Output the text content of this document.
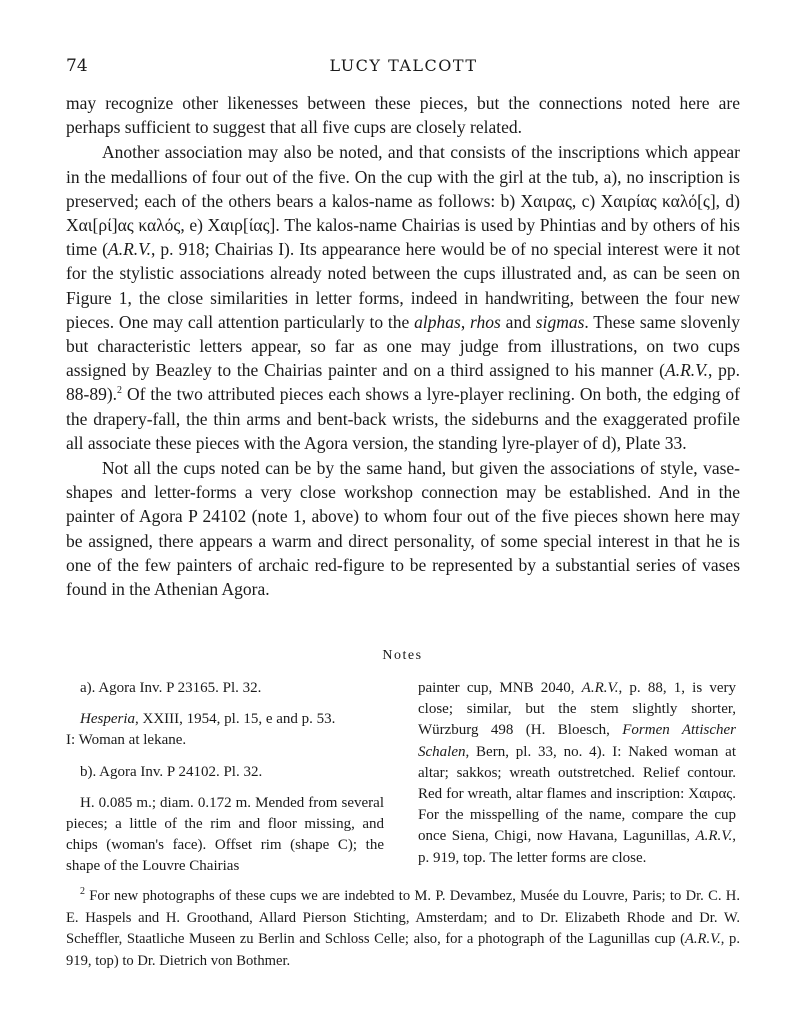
74	LUCY TALCOTT

may recognize other likenesses between these pieces, but the connections noted here are perhaps sufficient to suggest that all five cups are closely related.

Another association may also be noted, and that consists of the inscriptions which appear in the medallions of four out of the five. On the cup with the girl at the tub, a), no inscription is preserved; each of the others bears a kalos-name as follows: b) Χαιρας, c) Χαιρίας καλό[ς], d) Χαι[ρί]ας καλός, e) Χαιρ[ίας]. The kalos-name Chairias is used by Phintias and by others of his time (A.R.V., p. 918; Chairias I). Its appearance here would be of no special interest were it not for the stylistic associations already noted between the cups illustrated and, as can be seen on Figure 1, the close similarities in letter forms, indeed in handwriting, between the four new pieces. One may call attention particularly to the alphas, rhos and sigmas. These same slovenly but characteristic letters appear, so far as one may judge from illustrations, on two cups assigned by Beazley to the Chairias painter and on a third assigned to his manner (A.R.V., pp. 88-89).$^2$ Of the two attributed pieces each shows a lyre-player reclining. On both, the edging of the drapery-fall, the thin arms and bent-back wrists, the sideburns and the exaggerated profile all associate these pieces with the Agora version, the standing lyre-player of d), Plate 33.

Not all the cups noted can be by the same hand, but given the associations of style, vase-shapes and letter-forms a very close workshop connection may be established. And in the painter of Agora P 24102 (note 1, above) to whom four out of the five pieces shown here may be assigned, there appears a warm and direct personality, of some special interest in that he is one of the few painters of archaic red-figure to be represented by a substantial series of vases found in the Athenian Agora.

Notes

a). Agora Inv. P 23165. Pl. 32.

Hesperia, XXIII, 1954, pl. 15, e and p. 53.

I: Woman at lekane.

b). Agora Inv. P 24102. Pl. 32.

H. 0.085 m.; diam. 0.172 m. Mended from several pieces; a little of the rim and floor missing, and chips (woman's face). Offset rim (shape C); the shape of the Louvre Chairias

painter cup, MNB 2040, A.R.V., p. 88, 1, is very close; similar, but the stem slightly shorter, Würzburg 498 (H. Bloesch, Formen Attischer Schalen, Bern, pl. 33, no. 4). I: Naked woman at altar; sakkos; wreath outstretched. Relief contour. Red for wreath, altar flames and inscription: Χαιρας. For the misspelling of the name, compare the cup once Siena, Chigi, now Havana, Lagunillas, A.R.V., p. 919, top. The letter forms are close.

$^2$ For new photographs of these cups we are indebted to M. P. Devambez, Musée du Louvre, Paris; to Dr. C. H. E. Haspels and H. Groothand, Allard Pierson Stichting, Amsterdam; and to Dr. Elizabeth Rhode and Dr. W. Scheffler, Staatliche Museen zu Berlin and Schloss Celle; also, for a photograph of the Lagunillas cup (A.R.V., p. 919, top) to Dr. Dietrich von Bothmer.
